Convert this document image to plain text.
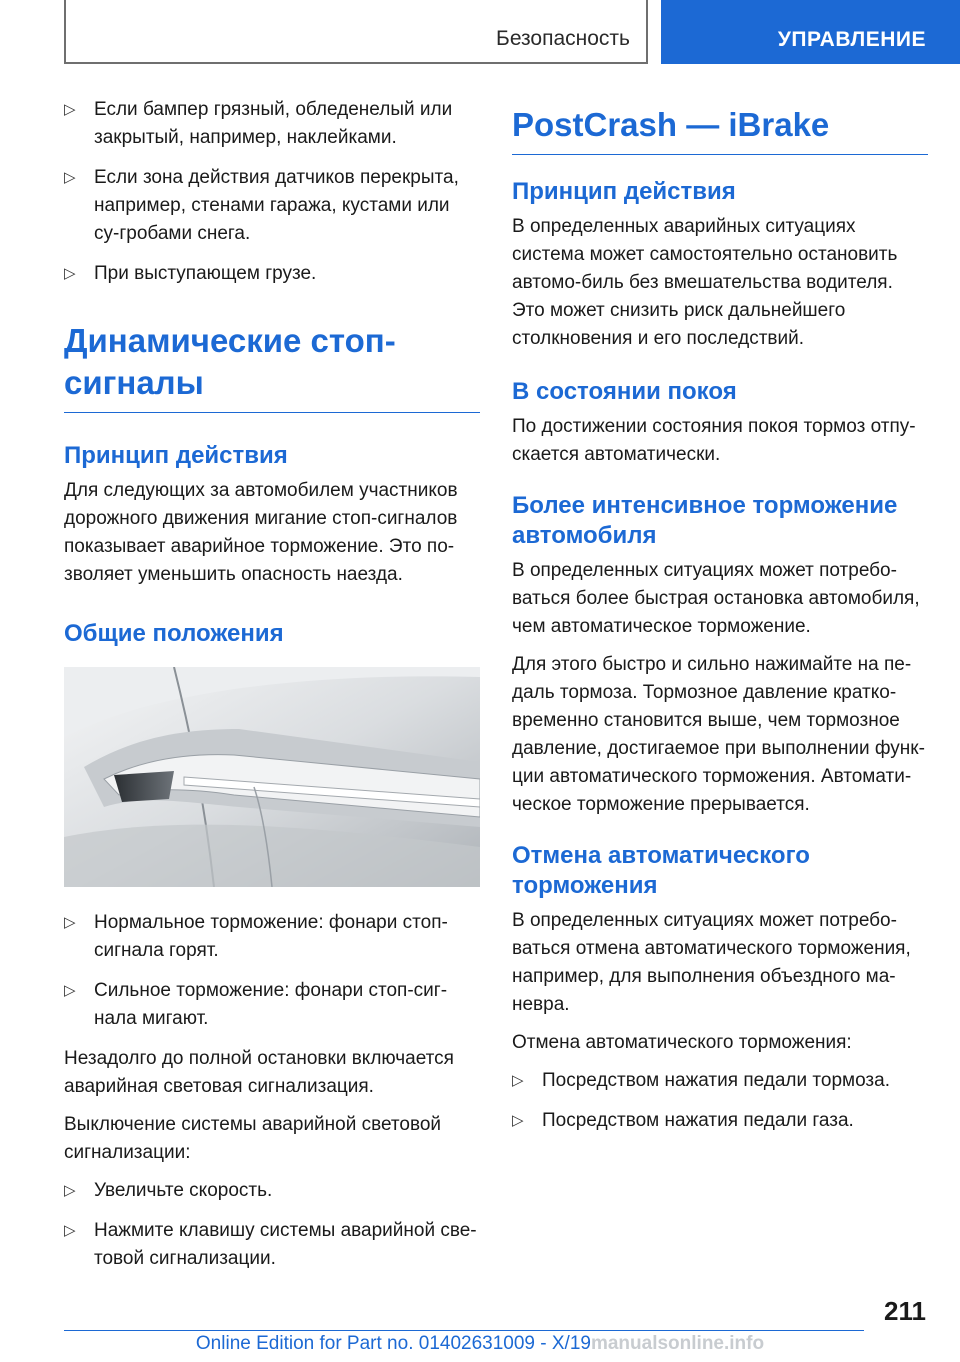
Безопасность	УПРАВЛЕНИЕ
▷ Если бампер грязный, обледенелый или закрытый, например, наклейками.
▷ Если зона действия датчиков перекрыта, например, стенами гаража, кустами или су-гробами снега.
▷ При выступающем грузе.
Динамические стоп-сигналы
Принцип действия

Для следующих за автомобилем участников дорожного движения мигание стоп-сигналов показывает аварийное торможение. Это по-зволяет уменьшить опасность наезда.

Общие положения
▷ Нормальное торможение: фонари стоп-сигнала горят.
▷ Сильное торможение: фонари стоп-сиг-нала мигают.

Незадолго до полной остановки включается аварийная световая сигнализация.

Выключение системы аварийной световой сигнализации:

▷ Увеличьте скорость.
▷ Нажмите клавишу системы аварийной све-товой сигнализации.
PostCrash — iBrake
Принцип действия

В определенных аварийных ситуациях система может самостоятельно остановить автомо-биль без вмешательства водителя. Это может снизить риск дальнейшего столкновения и его последствий.

В состоянии покоя

По достижении состояния покоя тормоз отпу-скается автоматически.

Более интенсивное торможение автомобиля

В определенных ситуациях может потребо-ваться более быстрая остановка автомобиля, чем автоматическое торможение.

Для этого быстро и сильно нажимайте на пе-даль тормоза. Тормозное давление кратко-временно становится выше, чем тормозное давление, достигаемое при выполнении функ-ции автоматического торможения. Автомати-ческое торможение прерывается.

Отмена автоматического торможения

В определенных ситуациях может потребо-ваться отмена автоматического торможения, например, для выполнения объездного ма-невра.

Отмена автоматического торможения:

▷ Посредством нажатия педали тормоза.
▷ Посредством нажатия педали газа.
211
Online Edition for Part no. 01402631009 - X/19manualsonline.info
